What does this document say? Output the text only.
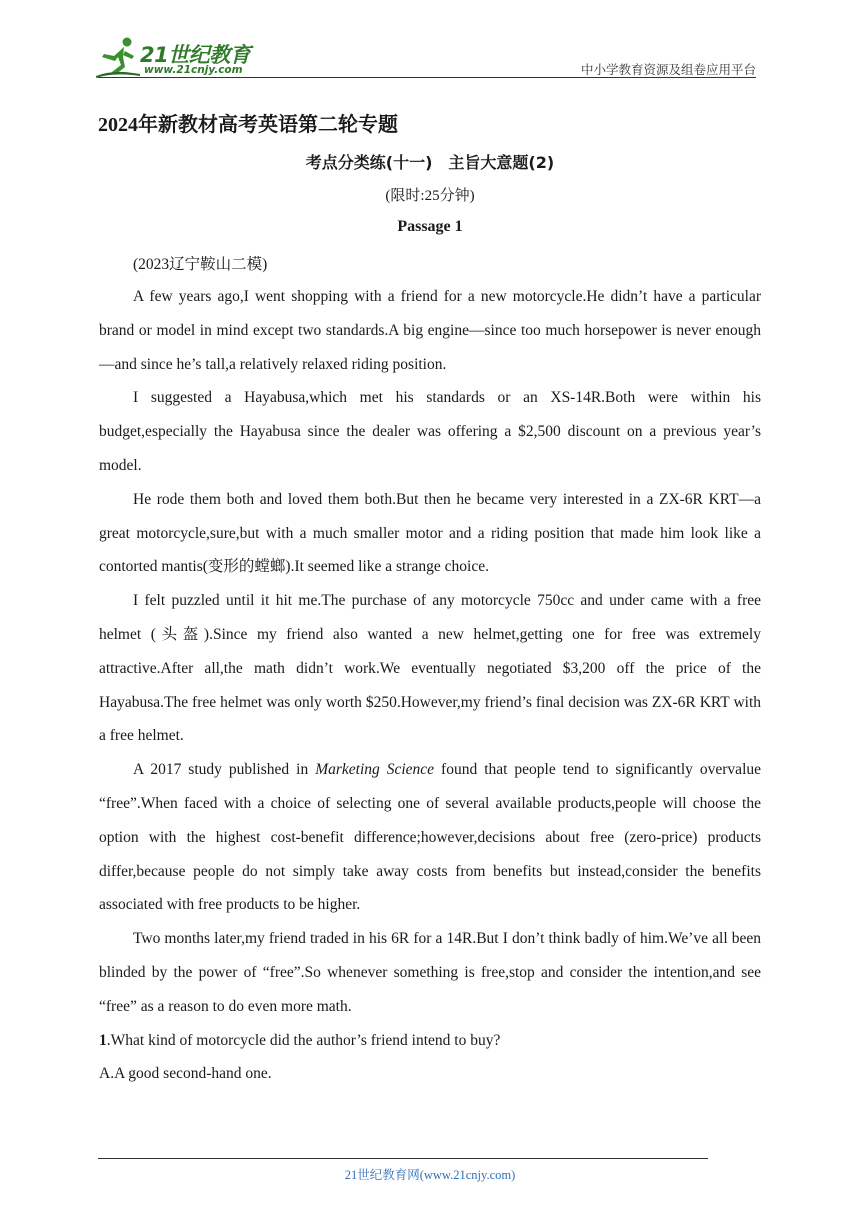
21世纪教育
www.21cnjy.com	中小学教育资源及组卷应用平台
2024年新教材高考英语第二轮专题
考点分类练(十一)　主旨大意题(2)
(限时:25分钟)
Passage 1
(2023辽宁鞍山二模)

A few years ago,I went shopping with a friend for a new motorcycle.He didn’t have a particular brand or model in mind except two standards.A big engine—since too much horsepower is never enough—and since he’s tall,a relatively relaxed riding position.

I suggested a Hayabusa,which met his standards or an XS-14R.Both were within his budget,especially the Hayabusa since the dealer was offering a $2,500 discount on a previous year’s model.

He rode them both and loved them both.But then he became very interested in a ZX-6R KRT—a great motorcycle,sure,but with a much smaller motor and a riding position that made him look like a contorted mantis(变形的螳螂).It seemed like a strange choice.

I felt puzzled until it hit me.The purchase of any motorcycle 750cc and under came with a free helmet (头盔).Since my friend also wanted a new helmet,getting one for free was extremely attractive.After all,the math didn’t work.We eventually negotiated $3,200 off the price of the Hayabusa.The free helmet was only worth $250.However,my friend’s final decision was ZX-6R KRT with a free helmet.

A 2017 study published in Marketing Science found that people tend to significantly overvalue “free”.When faced with a choice of selecting one of several available products,people will choose the option with the highest cost-benefit difference;however,decisions about free (zero-price) products differ,because people do not simply take away costs from benefits but instead,consider the benefits associated with free products to be higher.

Two months later,my friend traded in his 6R for a 14R.But I don’t think badly of him.We’ve all been blinded by the power of “free”.So whenever something is free,stop and consider the intention,and see “free” as a reason to do even more math.

1.What kind of motorcycle did the author’s friend intend to buy?

A.A good second-hand one.

21世纪教育网(www.21cnjy.com)
